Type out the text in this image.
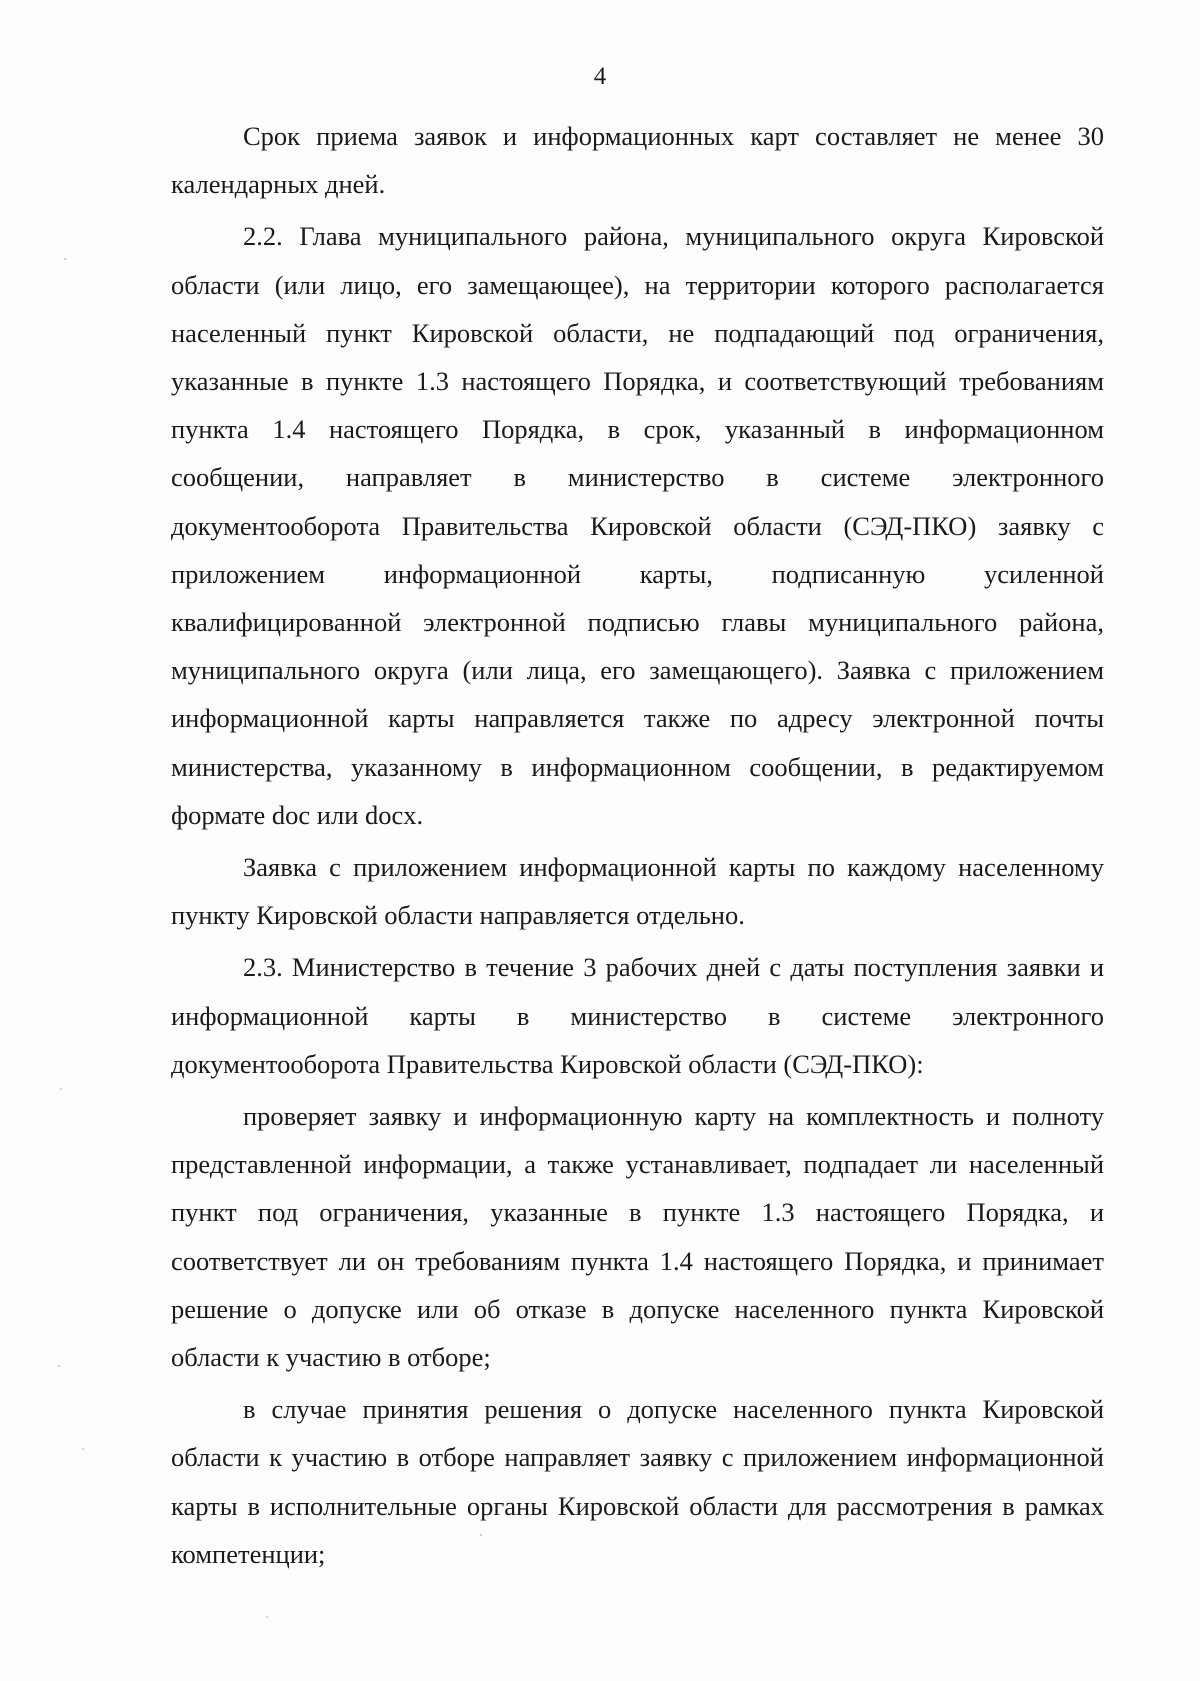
4

Срок приема заявок и информационных карт составляет не менее 30 календарных дней.

2.2. Глава муниципального района, муниципального округа Кировской области (или лицо, его замещающее), на территории которого располагается населенный пункт Кировской области, не подпадающий под ограничения, указанные в пункте 1.3 настоящего Порядка, и соответствующий требованиям пункта 1.4 настоящего Порядка, в срок, указанный в информационном сообщении, направляет в министерство в системе электронного документооборота Правительства Кировской области (СЭД-ПКО) заявку с приложением информационной карты, подписанную усиленной квалифицированной электронной подписью главы муниципального района, муниципального округа (или лица, его замещающего). Заявка с приложением информационной карты направляется также по адресу электронной почты министерства, указанному в информационном сообщении, в редактируемом формате doc или docx.

Заявка с приложением информационной карты по каждому населенному пункту Кировской области направляется отдельно.

2.3. Министерство в течение 3 рабочих дней с даты поступления заявки и информационной карты в министерство в системе электронного документооборота Правительства Кировской области (СЭД-ПКО):

проверяет заявку и информационную карту на комплектность и полноту представленной информации, а также устанавливает, подпадает ли населенный пункт под ограничения, указанные в пункте 1.3 настоящего Порядка, и соответствует ли он требованиям пункта 1.4 настоящего Порядка, и принимает решение о допуске или об отказе в допуске населенного пункта Кировской области к участию в отборе;

в случае принятия решения о допуске населенного пункта Кировской области к участию в отборе направляет заявку с приложением информационной карты в исполнительные органы Кировской области для рассмотрения в рамках компетенции;
